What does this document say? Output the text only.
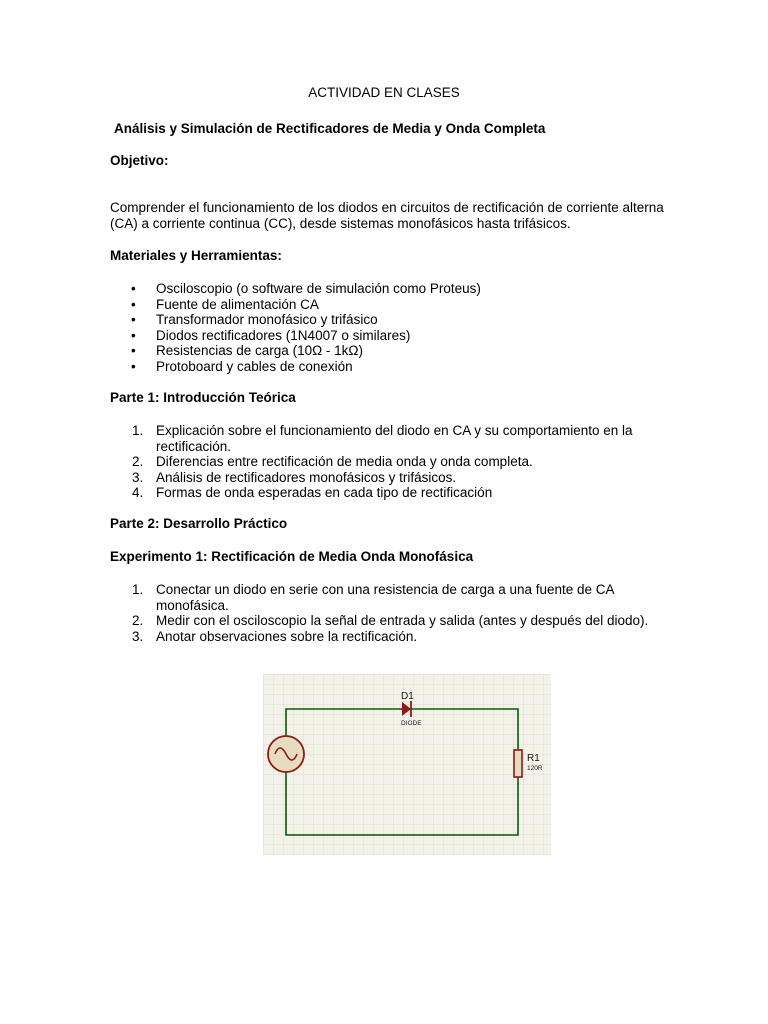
ACTIVIDAD EN CLASES
Análisis y Simulación de Rectificadores de Media y Onda Completa
Objetivo:
Comprender el funcionamiento de los diodos en circuitos de rectificación de corriente alterna (CA) a corriente continua (CC), desde sistemas monofásicos hasta trifásicos.
Materiales y Herramientas:
• Osciloscopio (o software de simulación como Proteus)
• Fuente de alimentación CA
• Transformador monofásico y trifásico
• Diodos rectificadores (1N4007 o similares)
• Resistencias de carga (10Ω - 1kΩ)
• Protoboard y cables de conexión
Parte 1: Introducción Teórica
1. Explicación sobre el funcionamiento del diodo en CA y su comportamiento en la rectificación.
2. Diferencias entre rectificación de media onda y onda completa.
3. Análisis de rectificadores monofásicos y trifásicos.
4. Formas de onda esperadas en cada tipo de rectificación
Parte 2: Desarrollo Práctico
Experimento 1: Rectificación de Media Onda Monofásica
1. Conectar un diodo en serie con una resistencia de carga a una fuente de CA monofásica.
2. Medir con el osciloscopio la señal de entrada y salida (antes y después del diodo).
3. Anotar observaciones sobre la rectificación.
D1
DIODE
R1
120R
